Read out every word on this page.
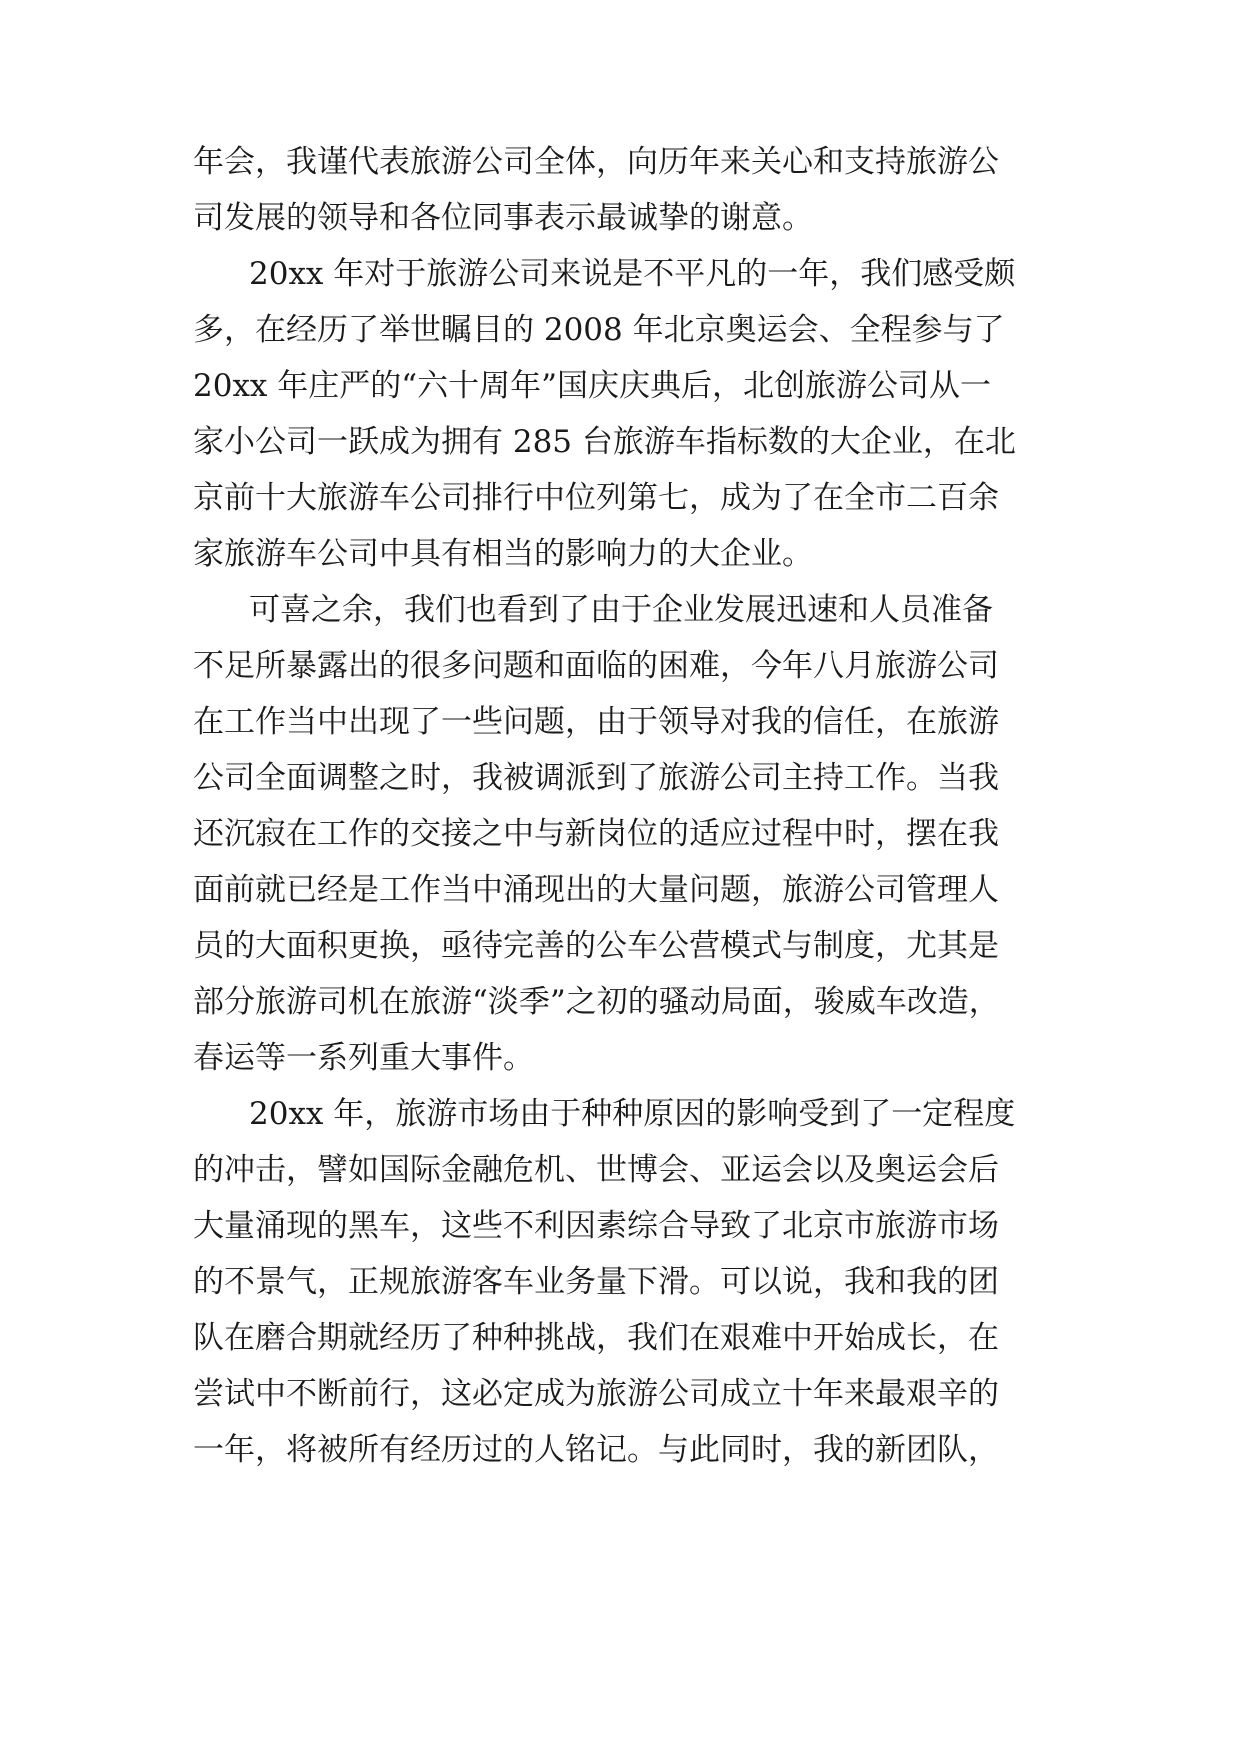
年会，我谨代表旅游公司全体，向历年来关心和支持旅游公
司发展的领导和各位同事表示最诚挚的谢意。
20xx 年对于旅游公司来说是不平凡的一年，我们感受颇
多，在经历了举世瞩目的 2008 年北京奥运会、全程参与了
20xx 年庄严的“六十周年”国庆庆典后，北创旅游公司从一
家小公司一跃成为拥有 285 台旅游车指标数的大企业，在北
京前十大旅游车公司排行中位列第七，成为了在全市二百余
家旅游车公司中具有相当的影响力的大企业。
可喜之余，我们也看到了由于企业发展迅速和人员准备
不足所暴露出的很多问题和面临的困难，今年八月旅游公司
在工作当中出现了一些问题，由于领导对我的信任，在旅游
公司全面调整之时，我被调派到了旅游公司主持工作。当我
还沉寂在工作的交接之中与新岗位的适应过程中时，摆在我
面前就已经是工作当中涌现出的大量问题，旅游公司管理人
员的大面积更换，亟待完善的公车公营模式与制度，尤其是
部分旅游司机在旅游“淡季”之初的骚动局面，骏威车改造，
春运等一系列重大事件。
20xx 年，旅游市场由于种种原因的影响受到了一定程度
的冲击，譬如国际金融危机、世博会、亚运会以及奥运会后
大量涌现的黑车，这些不利因素综合导致了北京市旅游市场
的不景气，正规旅游客车业务量下滑。可以说，我和我的团
队在磨合期就经历了种种挑战，我们在艰难中开始成长，在
尝试中不断前行，这必定成为旅游公司成立十年来最艰辛的
一年，将被所有经历过的人铭记。与此同时，我的新团队，
